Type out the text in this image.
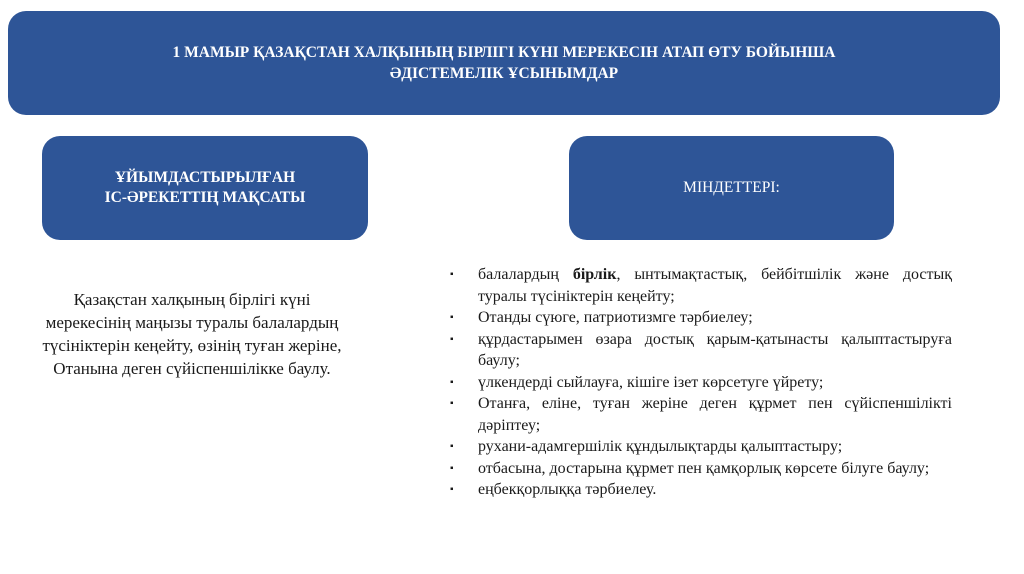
1 МАМЫР ҚАЗАҚСТАН ХАЛҚЫНЫҢ БІРЛІГІ КҮНІ МЕРЕКЕСІН АТАП ӨТУ БОЙЫНША
ӘДІСТЕМЕЛІК ҰСЫНЫМДАР
ҰЙЫМДАСТЫРЫЛҒАН
ІС-ӘРЕКЕТТІҢ МАҚСАТЫ
МІНДЕТТЕРІ:
Қазақстан халқының бірлігі күні мерекесінің маңызы туралы балалардың түсініктерін кеңейту, өзінің туған жеріне, Отанына деген сүйіспеншілікке баулу.
▪ балалардың бірлік, ынтымақтастық, бейбітшілік және достық туралы түсініктерін кеңейту;
▪ Отанды сүюге, патриотизмге тәрбиелеу;
▪ құрдастарымен өзара достық қарым-қатынасты қалыптастыруға баулу;
▪ үлкендерді сыйлауға, кішіге ізет көрсетуге үйрету;
▪ Отанға, еліне, туған жеріне деген құрмет пен сүйіспеншілікті дәріптеу;
▪ рухани-адамгершілік құндылықтарды қалыптастыру;
▪ отбасына, достарына құрмет пен қамқорлық көрсете білуге баулу;
▪ еңбекқорлыққа тәрбиелеу.
